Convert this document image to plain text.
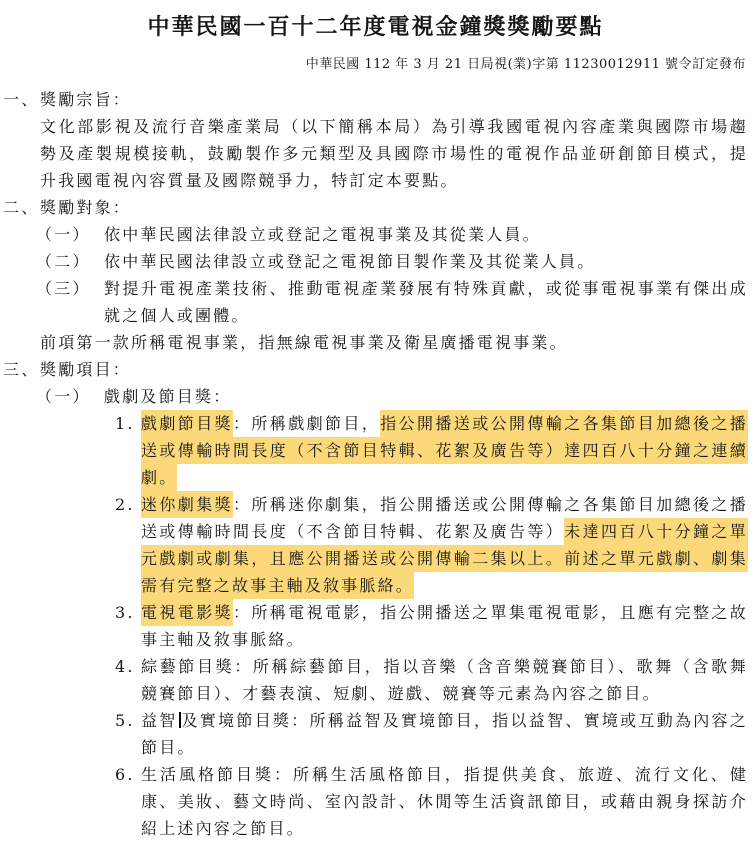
中華民國一百十二年度電視金鐘獎獎勵要點
中華民國 112 年 3 月 21 日局視(業)字第 11230012911 號令訂定發布
一、 獎勵宗旨：
文化部影視及流行音樂產業局（以下簡稱本局）為引導我國電視內容產業與國際市場趨勢及產製規模接軌，鼓勵製作多元類型及具國際市場性的電視作品並研創節目模式，提升我國電視內容質量及國際競爭力，特訂定本要點。
二、 獎勵對象：
（一） 依中華民國法律設立或登記之電視事業及其從業人員。
（二） 依中華民國法律設立或登記之電視節目製作業及其從業人員。
（三） 對提升電視產業技術、推動電視產業發展有特殊貢獻，或從事電視事業有傑出成就之個人或團體。
前項第一款所稱電視事業，指無線電視事業及衛星廣播電視事業。
三、 獎勵項目：
（一） 戲劇及節目獎：
1. 戲劇節目獎：所稱戲劇節目，指公開播送或公開傳輸之各集節目加總後之播送或傳輸時間長度（不含節目特輯、花絮及廣告等）達四百八十分鐘之連續劇。
2. 迷你劇集獎：所稱迷你劇集，指公開播送或公開傳輸之各集節目加總後之播送或傳輸時間長度（不含節目特輯、花絮及廣告等）未達四百八十分鐘之單元戲劇或劇集，且應公開播送或公開傳輸二集以上。前述之單元戲劇、劇集需有完整之故事主軸及敘事脈絡。
3. 電視電影獎：所稱電視電影，指公開播送之單集電視電影，且應有完整之故事主軸及敘事脈絡。
4. 綜藝節目獎：所稱綜藝節目，指以音樂（含音樂競賽節目）、歌舞（含歌舞競賽節目）、才藝表演、短劇、遊戲、競賽等元素為內容之節目。
5. 益智 及實境節目獎：所稱益智及實境節目，指以益智、實境或互動為內容之節目。
6. 生活風格節目獎：所稱生活風格節目，指提供美食、旅遊、流行文化、健康、美妝、藝文時尚、室內設計、休閒等生活資訊節目，或藉由親身探訪介紹上述內容之節目。
